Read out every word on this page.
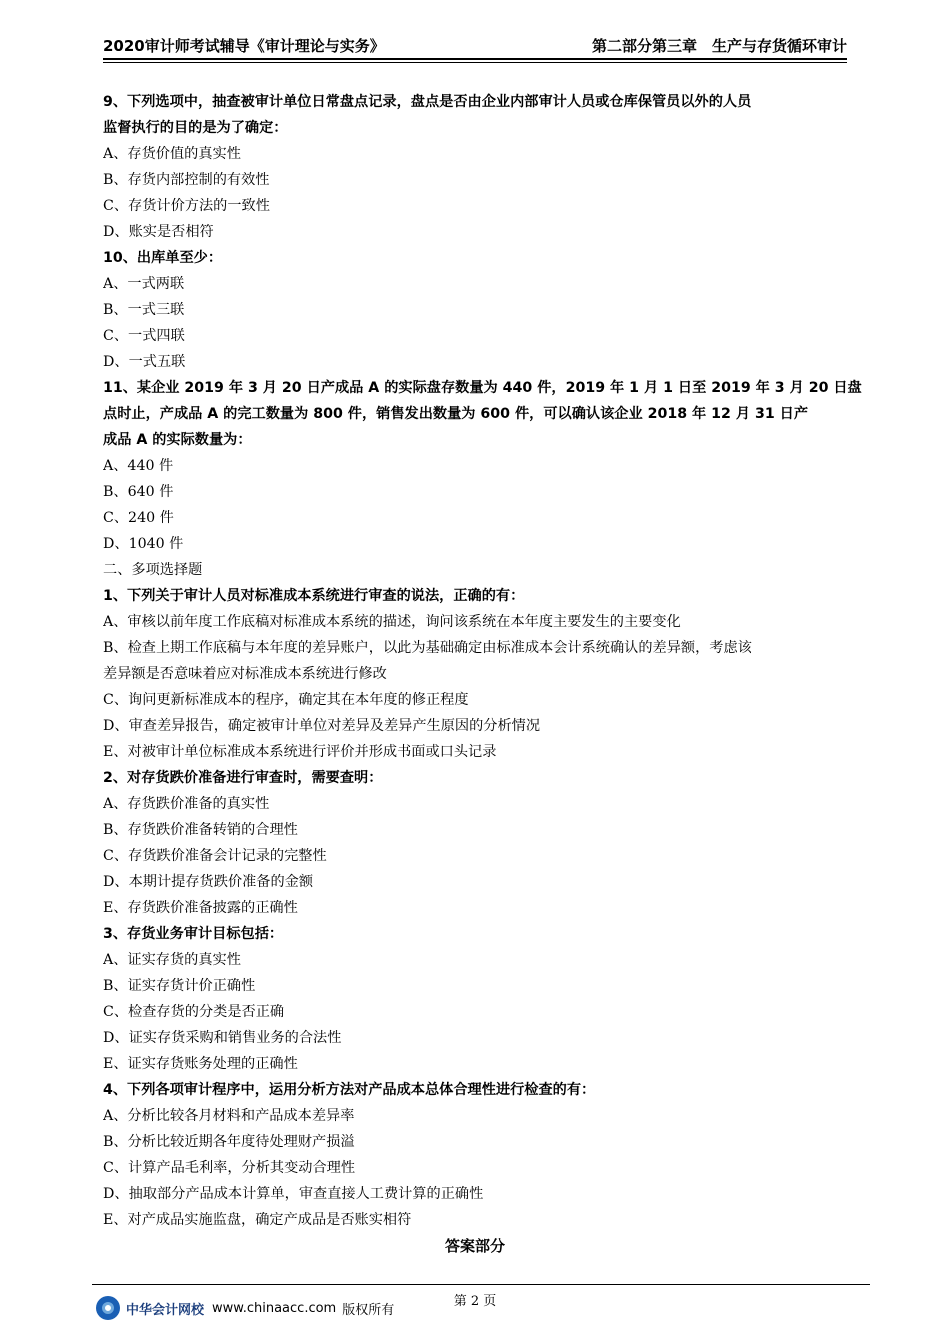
2020审计师考试辅导《审计理论与实务》	第二部分第三章　生产与存货循环审计
9、下列选项中，抽查被审计单位日常盘点记录，盘点是否由企业内部审计人员或仓库保管员以外的人员
监督执行的目的是为了确定：
A、存货价值的真实性
B、存货内部控制的有效性
C、存货计价方法的一致性
D、账实是否相符
10、出库单至少：
A、一式两联
B、一式三联
C、一式四联
D、一式五联
11、某企业 2019 年 3 月 20 日产成品 A 的实际盘存数量为 440 件，2019 年 1 月 1 日至 2019 年 3 月 20 日盘
点时止，产成品 A 的完工数量为 800 件，销售发出数量为 600 件，可以确认该企业 2018 年 12 月 31 日产
成品 A 的实际数量为：
A、440 件
B、640 件
C、240 件
D、1040 件
二、多项选择题
1、下列关于审计人员对标准成本系统进行审查的说法，正确的有：
A、审核以前年度工作底稿对标准成本系统的描述，询问该系统在本年度主要发生的主要变化
B、检查上期工作底稿与本年度的差异账户，以此为基础确定由标准成本会计系统确认的差异额，考虑该
差异额是否意味着应对标准成本系统进行修改
C、询问更新标准成本的程序，确定其在本年度的修正程度
D、审查差异报告，确定被审计单位对差异及差异产生原因的分析情况
E、对被审计单位标准成本系统进行评价并形成书面或口头记录
2、对存货跌价准备进行审查时，需要查明：
A、存货跌价准备的真实性
B、存货跌价准备转销的合理性
C、存货跌价准备会计记录的完整性
D、本期计提存货跌价准备的金额
E、存货跌价准备披露的正确性
3、存货业务审计目标包括：
A、证实存货的真实性
B、证实存货计价正确性
C、检查存货的分类是否正确
D、证实存货采购和销售业务的合法性
E、证实存货账务处理的正确性
4、下列各项审计程序中，运用分析方法对产品成本总体合理性进行检查的有：
A、分析比较各月材料和产品成本差异率
B、分析比较近期各年度待处理财产损溢
C、计算产品毛利率，分析其变动合理性
D、抽取部分产品成本计算单，审查直接人工费计算的正确性
E、对产成品实施监盘，确定产成品是否账实相符
答案部分
第 2 页
中华会计网校 www.chinaacc.com 版权所有
